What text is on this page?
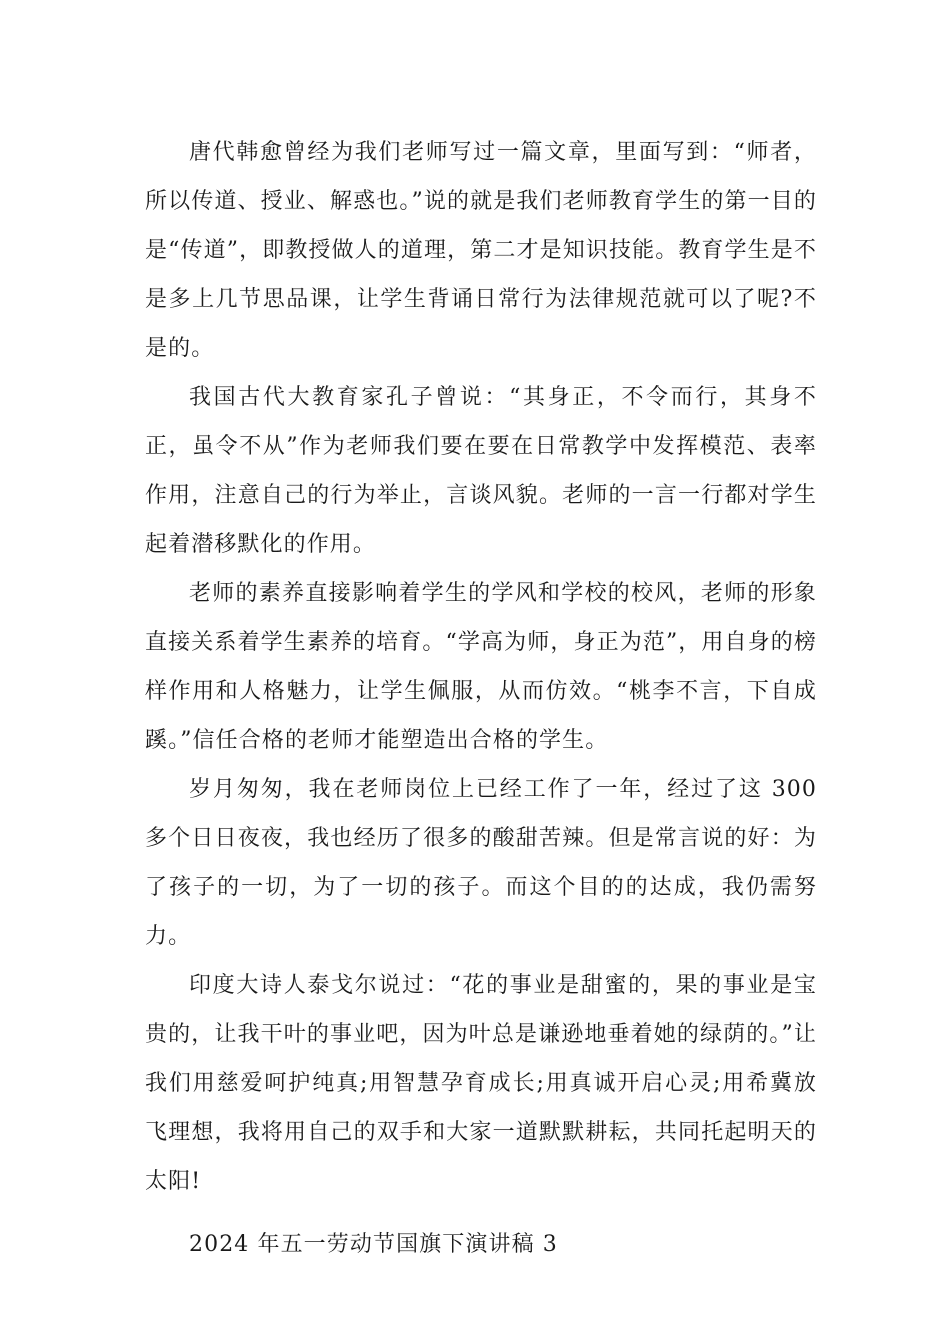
唐代韩愈曾经为我们老师写过一篇文章，里面写到：“师者，所以传道、授业、解惑也。”说的就是我们老师教育学生的第一目的是“传道”，即教授做人的道理，第二才是知识技能。教育学生是不是多上几节思品课，让学生背诵日常行为法律规范就可以了呢?不是的。

我国古代大教育家孔子曾说：“其身正，不令而行，其身不正，虽令不从”作为老师我们要在要在日常教学中发挥模范、表率作用，注意自己的行为举止，言谈风貌。老师的一言一行都对学生起着潜移默化的作用。

老师的素养直接影响着学生的学风和学校的校风，老师的形象直接关系着学生素养的培育。“学高为师，身正为范”，用自身的榜样作用和人格魅力，让学生佩服，从而仿效。“桃李不言，下自成蹊。”信任合格的老师才能塑造出合格的学生。

岁月匆匆，我在老师岗位上已经工作了一年，经过了这 300 多个日日夜夜，我也经历了很多的酸甜苦辣。但是常言说的好：为了孩子的一切，为了一切的孩子。而这个目的的达成，我仍需努力。

印度大诗人泰戈尔说过：“花的事业是甜蜜的，果的事业是宝贵的，让我干叶的事业吧，因为叶总是谦逊地垂着她的绿荫的。”让我们用慈爱呵护纯真;用智慧孕育成长;用真诚开启心灵;用希冀放飞理想，我将用自己的双手和大家一道默默耕耘，共同托起明天的太阳!

2024 年五一劳动节国旗下演讲稿 3
